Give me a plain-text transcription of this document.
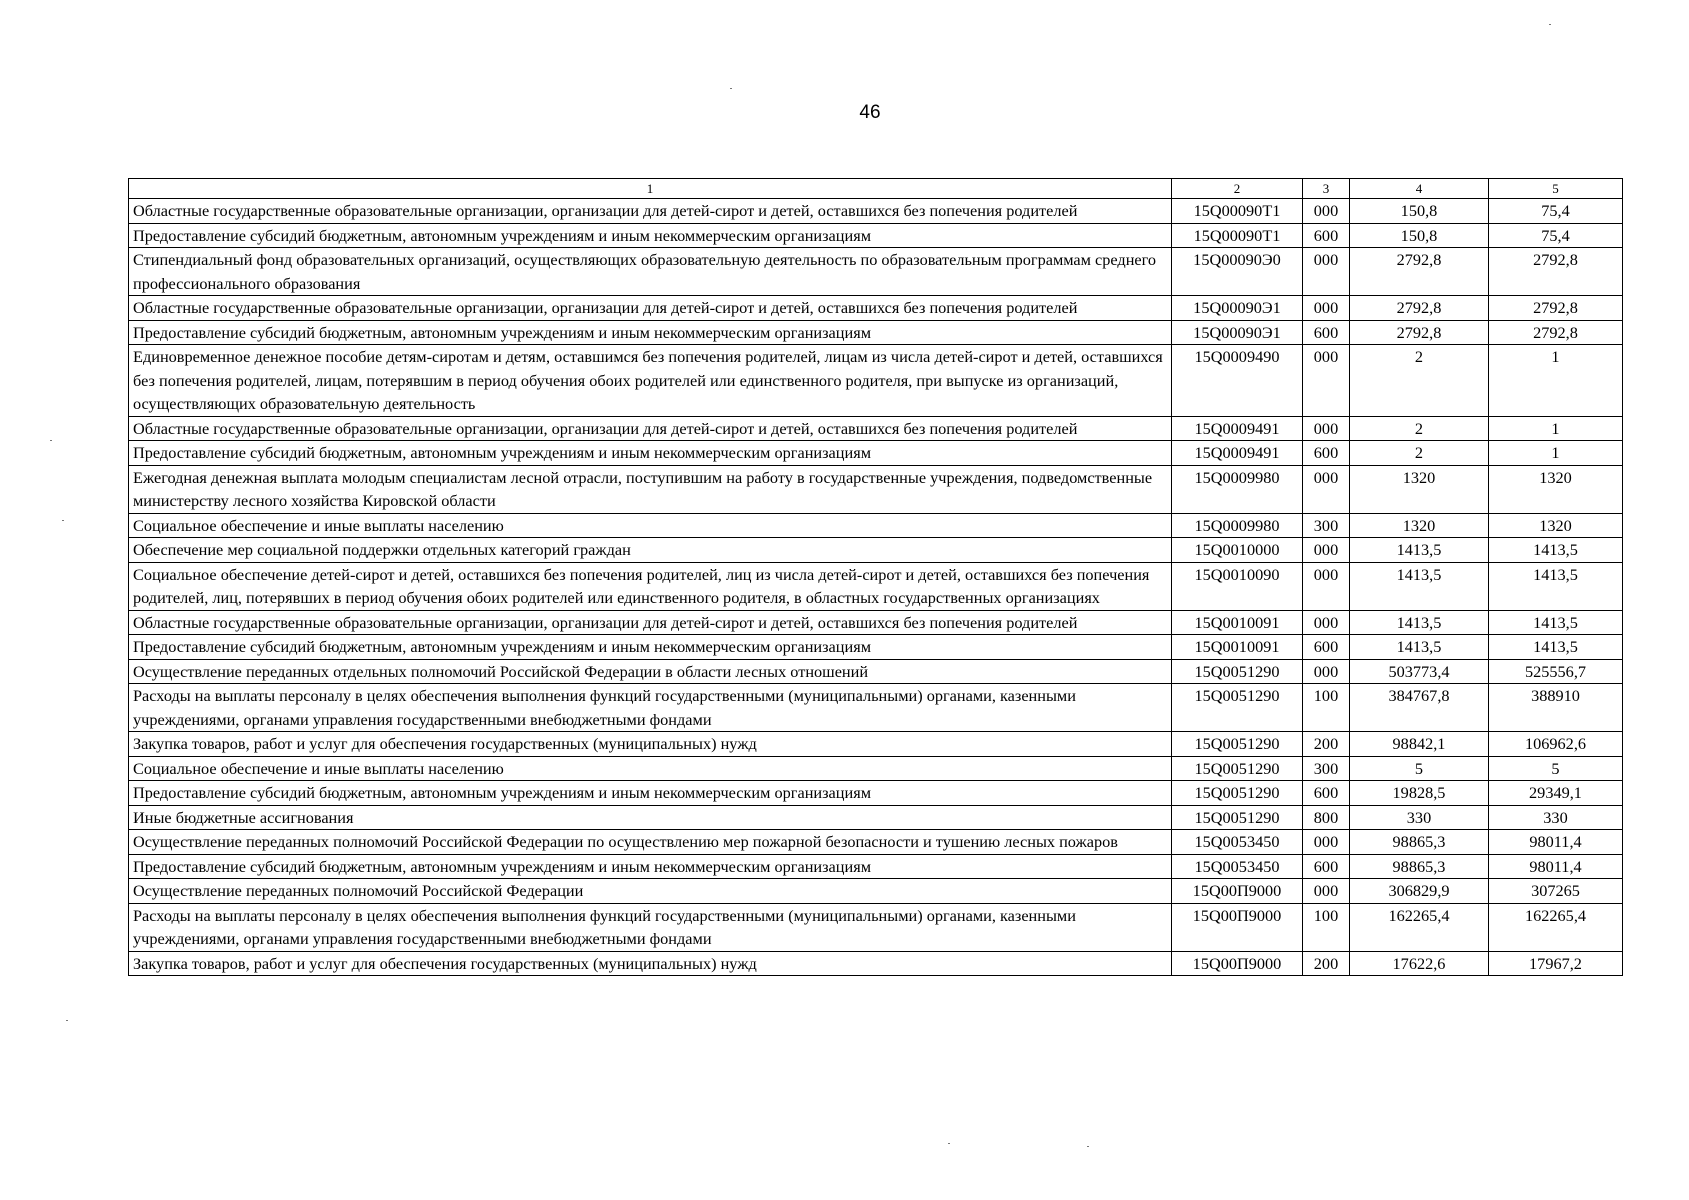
46
1	2	3	4	5
Областные государственные образовательные организации, организации для детей-сирот и детей, оставшихся без попечения родителей	15Q00090T1	000	150,8	75,4
Предоставление субсидий бюджетным, автономным учреждениям и иным некоммерческим организациям	15Q00090T1	600	150,8	75,4
Стипендиальный фонд образовательных организаций, осуществляющих образовательную деятельность по образовательным программам среднего профессионального образования	15Q00090Э0	000	2792,8	2792,8
Областные государственные образовательные организации, организации для детей-сирот и детей, оставшихся без попечения родителей	15Q00090Э1	000	2792,8	2792,8
Предоставление субсидий бюджетным, автономным учреждениям и иным некоммерческим организациям	15Q00090Э1	600	2792,8	2792,8
Единовременное денежное пособие детям-сиротам и детям, оставшимся без попечения родителей, лицам из числа детей-сирот и детей, оставшихся без попечения родителей, лицам, потерявшим в период обучения обоих родителей или единственного родителя, при выпуске из организаций, осуществляющих образовательную деятельность	15Q0009490	000	2	1
Областные государственные образовательные организации, организации для детей-сирот и детей, оставшихся без попечения родителей	15Q0009491	000	2	1
Предоставление субсидий бюджетным, автономным учреждениям и иным некоммерческим организациям	15Q0009491	600	2	1
Ежегодная денежная выплата молодым специалистам лесной отрасли, поступившим на работу в государственные учреждения, подведомственные министерству лесного хозяйства Кировской области	15Q0009980	000	1320	1320
Социальное обеспечение и иные выплаты населению	15Q0009980	300	1320	1320
Обеспечение мер социальной поддержки отдельных категорий граждан	15Q0010000	000	1413,5	1413,5
Социальное обеспечение детей-сирот и детей, оставшихся без попечения родителей, лиц из числа детей-сирот и детей, оставшихся без попечения родителей, лиц, потерявших в период обучения обоих родителей или единственного родителя, в областных государственных организациях	15Q0010090	000	1413,5	1413,5
Областные государственные образовательные организации, организации для детей-сирот и детей, оставшихся без попечения родителей	15Q0010091	000	1413,5	1413,5
Предоставление субсидий бюджетным, автономным учреждениям и иным некоммерческим организациям	15Q0010091	600	1413,5	1413,5
Осуществление переданных отдельных полномочий Российской Федерации в области лесных отношений	15Q0051290	000	503773,4	525556,7
Расходы на выплаты персоналу в целях обеспечения выполнения функций государственными (муниципальными) органами, казенными учреждениями, органами управления государственными внебюджетными фондами	15Q0051290	100	384767,8	388910
Закупка товаров, работ и услуг для обеспечения государственных (муниципальных) нужд	15Q0051290	200	98842,1	106962,6
Социальное обеспечение и иные выплаты населению	15Q0051290	300	5	5
Предоставление субсидий бюджетным, автономным учреждениям и иным некоммерческим организациям	15Q0051290	600	19828,5	29349,1
Иные бюджетные ассигнования	15Q0051290	800	330	330
Осуществление переданных полномочий Российской Федерации по осуществлению мер пожарной безопасности и тушению лесных пожаров	15Q0053450	000	98865,3	98011,4
Предоставление субсидий бюджетным, автономным учреждениям и иным некоммерческим организациям	15Q0053450	600	98865,3	98011,4
Осуществление переданных полномочий Российской Федерации	15Q00П9000	000	306829,9	307265
Расходы на выплаты персоналу в целях обеспечения выполнения функций государственными (муниципальными) органами, казенными учреждениями, органами управления государственными внебюджетными фондами	15Q00П9000	100	162265,4	162265,4
Закупка товаров, работ и услуг для обеспечения государственных (муниципальных) нужд	15Q00П9000	200	17622,6	17967,2
